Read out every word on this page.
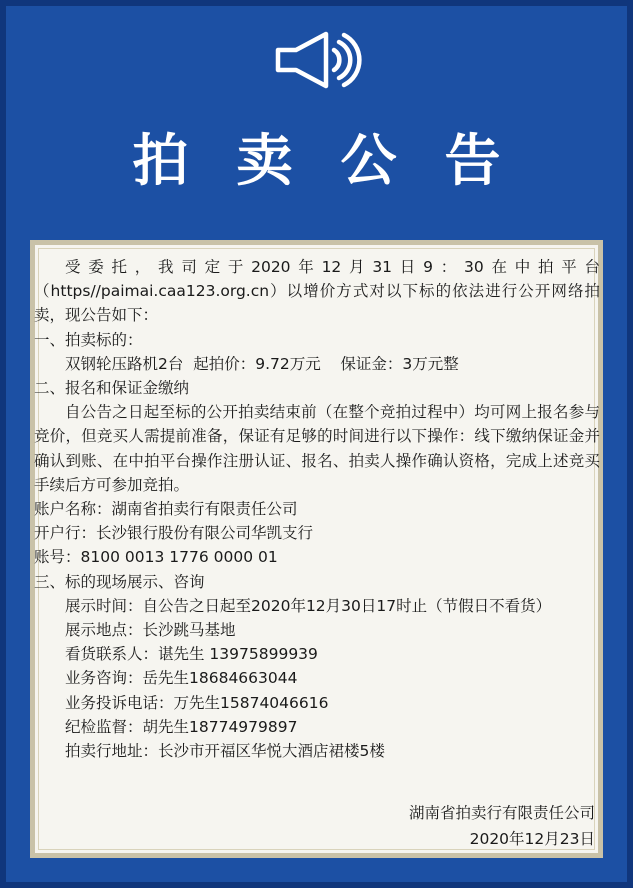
拍卖公告

受委托，我司定于2020年12月31日9：30在中拍平台（https//paimai.caa123.org.cn）以增价方式对以下标的依法进行公开网络拍卖，现公告如下：

一、拍卖标的：

双钢轮压路机2台  起拍价：9.72万元    保证金：3万元整

二、报名和保证金缴纳

自公告之日起至标的公开拍卖结束前（在整个竞拍过程中）均可网上报名参与竞价，但竞买人需提前准备，保证有足够的时间进行以下操作：线下缴纳保证金并确认到账、在中拍平台操作注册认证、报名、拍卖人操作确认资格，完成上述竞买手续后方可参加竞拍。

账户名称：湖南省拍卖行有限责任公司

开户行：长沙银行股份有限公司华凯支行

账号：8100 0013 1776 0000 01

三、标的现场展示、咨询

展示时间：自公告之日起至2020年12月30日17时止（节假日不看货）

展示地点：长沙跳马基地

看货联系人：谌先生 13975899939

业务咨询：岳先生18684663044

业务投诉电话：万先生15874046616

纪检监督：胡先生18774979897

拍卖行地址：长沙市开福区华悦大酒店裙楼5楼

湖南省拍卖行有限责任公司
2020年12月23日
